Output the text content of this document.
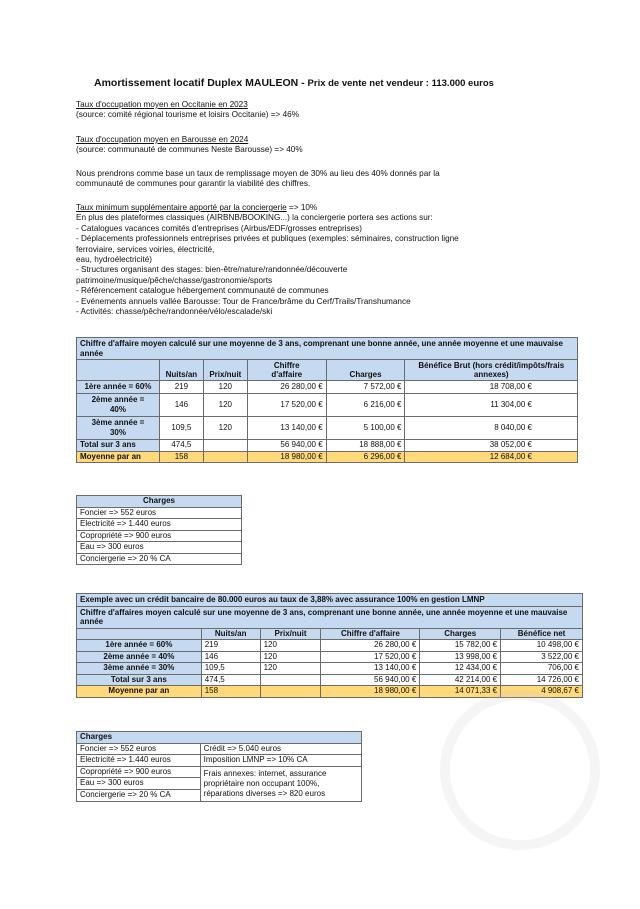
Amortissement locatif Duplex MAULEON - Prix de vente net vendeur : 113.000 euros
Taux d'occupation moyen en Occitanie en 2023
(source: comité régional tourisme et loisirs Occitanie) => 46%
Taux d'occupation moyen en Barousse en 2024
(source: communauté de communes Neste Barousse) => 40%
Nous prendrons comme base un taux de remplissage moyen de 30% au lieu des 40% donnés par la
communauté de communes pour garantir la viabilité des chiffres.
Taux minimum supplémentaire apporté par la conciergerie => 10%
En plus des plateformes classiques (AIRBNB/BOOKING...) la conciergerie portera ses actions sur:
- Catalogues vacances comités d'entreprises (Airbus/EDF/grosses entreprises)
- Déplacements professionnels entreprises privées et publiques (exemples: séminaires, construction ligne
ferroviaire, services voiries, électricité,
eau, hydroélectricité)
- Structures organisant des stages: bien-être/nature/randonnée/découverte
patrimoine/musique/pêche/chasse/gastronomie/sports
- Référencement catalogue hébergement communauté de communes
- Evénements annuels vallée Barousse: Tour de France/brâme du Cerf/Trails/Transhumance
- Activités: chasse/pêche/randonnée/vélo/escalade/ski
Chiffre d'affaire moyen calculé sur une moyenne de 3 ans, comprenant une bonne année, une année moyenne et une mauvaise année					
	Nuits/an	Prix/nuit	Chiffre d'affaire	Charges	Bénéfice Brut (hors crédit/impôts/frais annexes)
1ère année = 60%	219	120	26 280,00 €	7 572,00 €	18 708,00 €
2ème année = 40%	146	120	17 520,00 €	6 216,00 €	11 304,00 €
3ème année = 30%	109,5	120	13 140,00 €	5 100,00 €	8 040,00 €
Total sur 3 ans	474,5		56 940,00 €	18 888,00 €	38 052,00 €
Moyenne par an	158		18 980,00 €	6 296,00 €	12 684,00 €
Charges
Foncier => 552 euros
Electricité => 1.440 euros
Copropriété => 900 euros
Eau => 300 euros
Conciergerie => 20 % CA
Exemple avec un crédit bancaire de 80.000 euros au taux de 3,88% avec assurance 100% en gestion LMNP					
Chiffre d'affaires moyen calculé sur une moyenne de 3 ans, comprenant une bonne année, une année moyenne et une mauvaise année					
	Nuits/an	Prix/nuit	Chiffre d'affaire	Charges	Bénéfice net
1ère année = 60%	219	120	26 280,00 €	15 782,00 €	10 498,00 €
2ème année = 40%	146	120	17 520,00 €	13 998,00 €	3 522,00 €
3ème année = 30%	109,5	120	13 140,00 €	12 434,00 €	706,00 €
Total sur 3 ans	474,5		56 940,00 €	42 214,00 €	14 726,00 €
Moyenne par an	158		18 980,00 €	14 071,33 €	4 908,67 €
Charges	
Foncier => 552 euros	Crédit => 5.040 euros
Electricité => 1.440 euros	Imposition LMNP => 10% CA
Copropriété => 900 euros	Frais annexes: internet, assurance propriétaire non occupant 100%, réparations diverses => 820 euros
Eau => 300 euros	
Conciergerie => 20 % CA	
